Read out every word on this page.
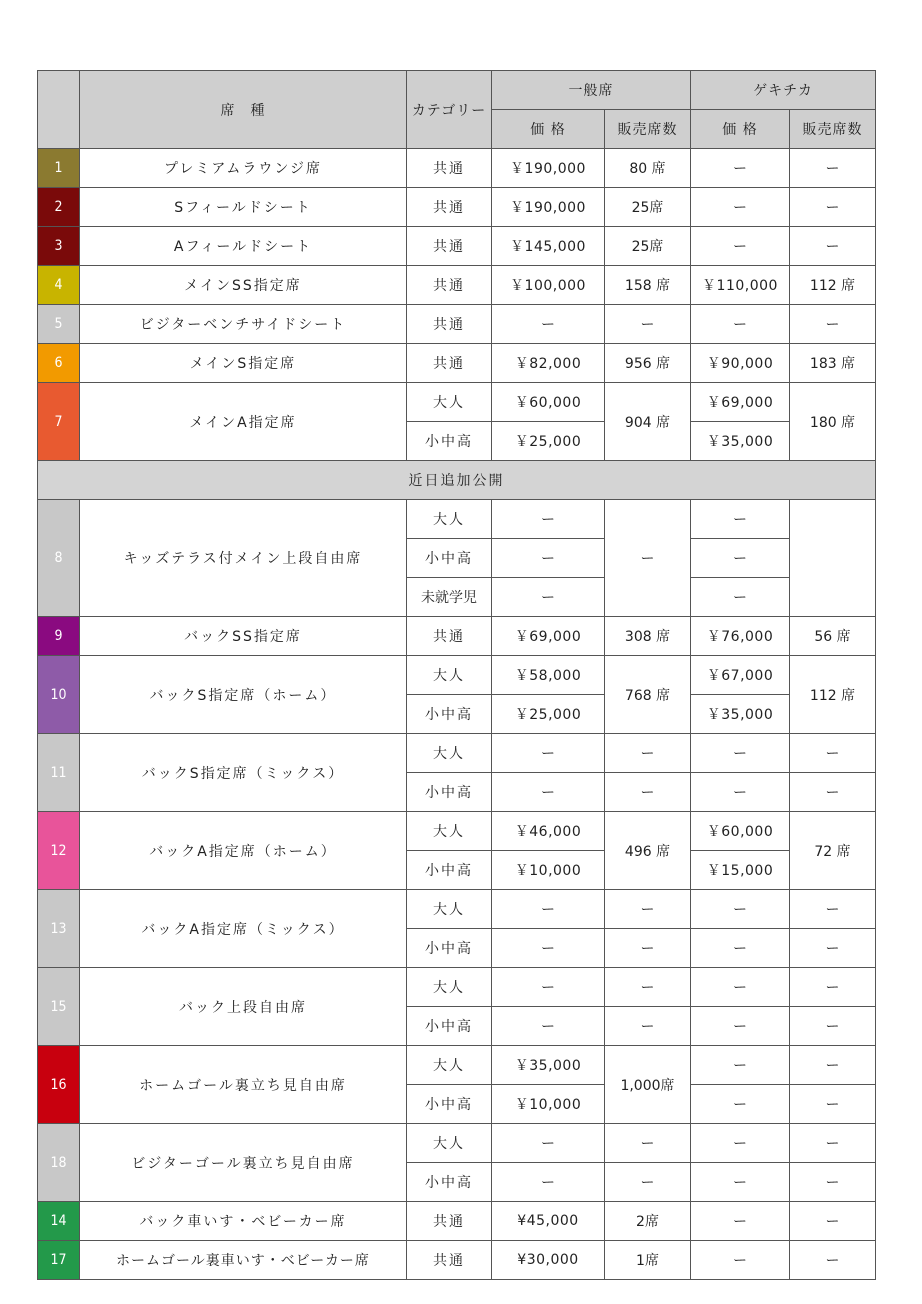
	席　種	カテゴリー	一般席		ゲキチカ	
			価 格	販売席数	価 格	販売席数
1	プレミアムラウンジ席	共通	￥190,000	80 席	ー	ー
2	Sフィールドシート	共通	￥190,000	25席	ー	ー
3	Aフィールドシート	共通	￥145,000	25席	ー	ー
4	メインSS指定席	共通	￥100,000	158 席	￥110,000	112 席
5	ビジターベンチサイドシート	共通	ー	ー	ー	ー
6	メインS指定席	共通	￥82,000	956 席	￥90,000	183 席
7	メインA指定席	大人	￥60,000	904 席	￥69,000	180 席
		小中高	￥25,000		￥35,000	
近日追加公開						
8	キッズテラス付メイン上段自由席	大人	ー	ー	ー	
		小中高	ー		ー	
		未就学児	ー		ー	
9	バックSS指定席	共通	￥69,000	308 席	￥76,000	56 席
10	バックS指定席（ホーム）	大人	￥58,000	768 席	￥67,000	112 席
		小中高	￥25,000		￥35,000	
11	バックS指定席（ミックス）	大人	ー	ー	ー	ー
		小中高	ー	ー	ー	ー
12	バックA指定席（ホーム）	大人	￥46,000	496 席	￥60,000	72 席
		小中高	￥10,000		￥15,000	
13	バックA指定席（ミックス）	大人	ー	ー	ー	ー
		小中高	ー	ー	ー	ー
15	バック上段自由席	大人	ー	ー	ー	ー
		小中高	ー	ー	ー	ー
16	ホームゴール裏立ち見自由席	大人	￥35,000	1,000席	ー	ー
		小中高	￥10,000		ー	ー
18	ビジターゴール裏立ち見自由席	大人	ー	ー	ー	ー
		小中高	ー	ー	ー	ー
14	バック車いす・ベビーカー席	共通	¥45,000	2席	ー	ー
17	ホームゴール裏車いす・ベビーカー席	共通	¥30,000	1席	ー	ー
